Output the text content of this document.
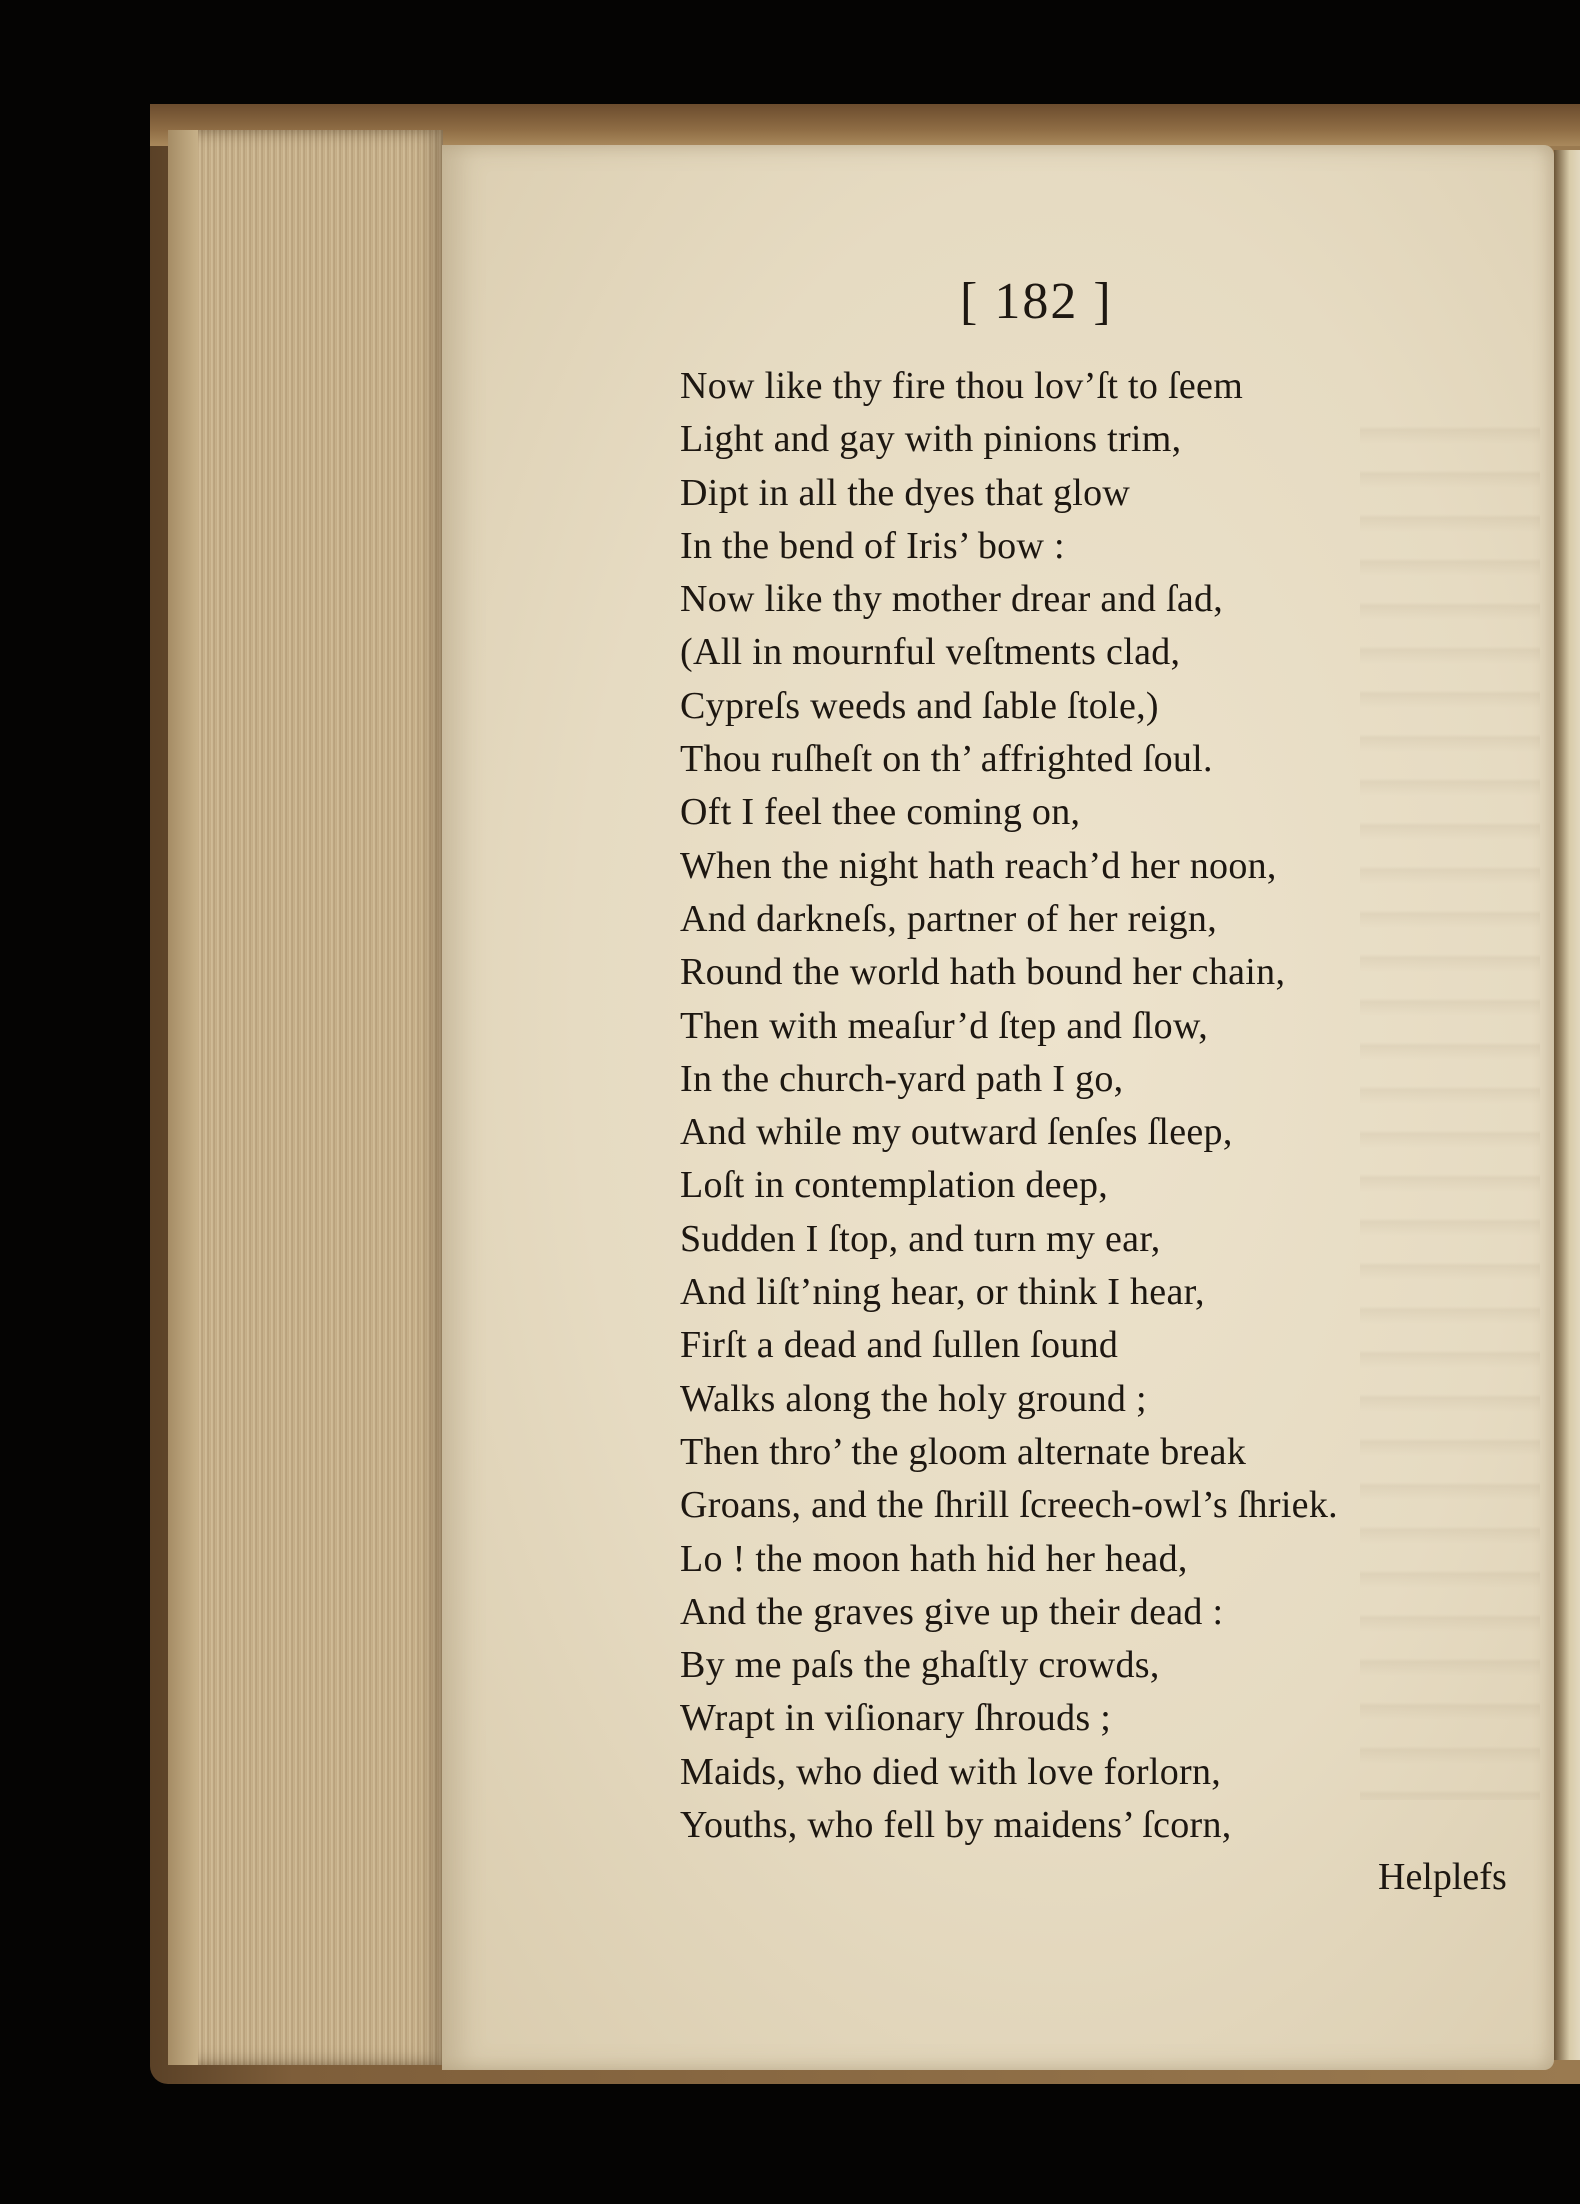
[ 182 ]
Now like thy fire thou lov’ſt to ſeem
Light and gay with pinions trim,
Dipt in all the dyes that glow
In the bend of Iris’ bow :
Now like thy mother drear and ſad,
(All in mournful veſtments clad,
Cypreſs weeds and ſable ſtole,)
Thou ruſheſt on th’ affrighted ſoul.
Oft I feel thee coming on,
When the night hath reach’d her noon,
And darkneſs, partner of her reign,
Round the world hath bound her chain,
Then with meaſur’d ſtep and ſlow,
In the church-yard path I go,
And while my outward ſenſes ſleep,
Loſt in contemplation deep,
Sudden I ſtop, and turn my ear,
And liſt’ning hear, or think I hear,
Firſt a dead and ſullen ſound
Walks along the holy ground ;
Then thro’ the gloom alternate break
Groans, and the ſhrill ſcreech-owl’s ſhriek.
Lo ! the moon hath hid her head,
And the graves give up their dead :
By me paſs the ghaſtly crowds,
Wrapt in viſionary ſhrouds ;
Maids, who died with love forlorn,
Youths, who fell by maidens’ ſcorn,
Helplefs
